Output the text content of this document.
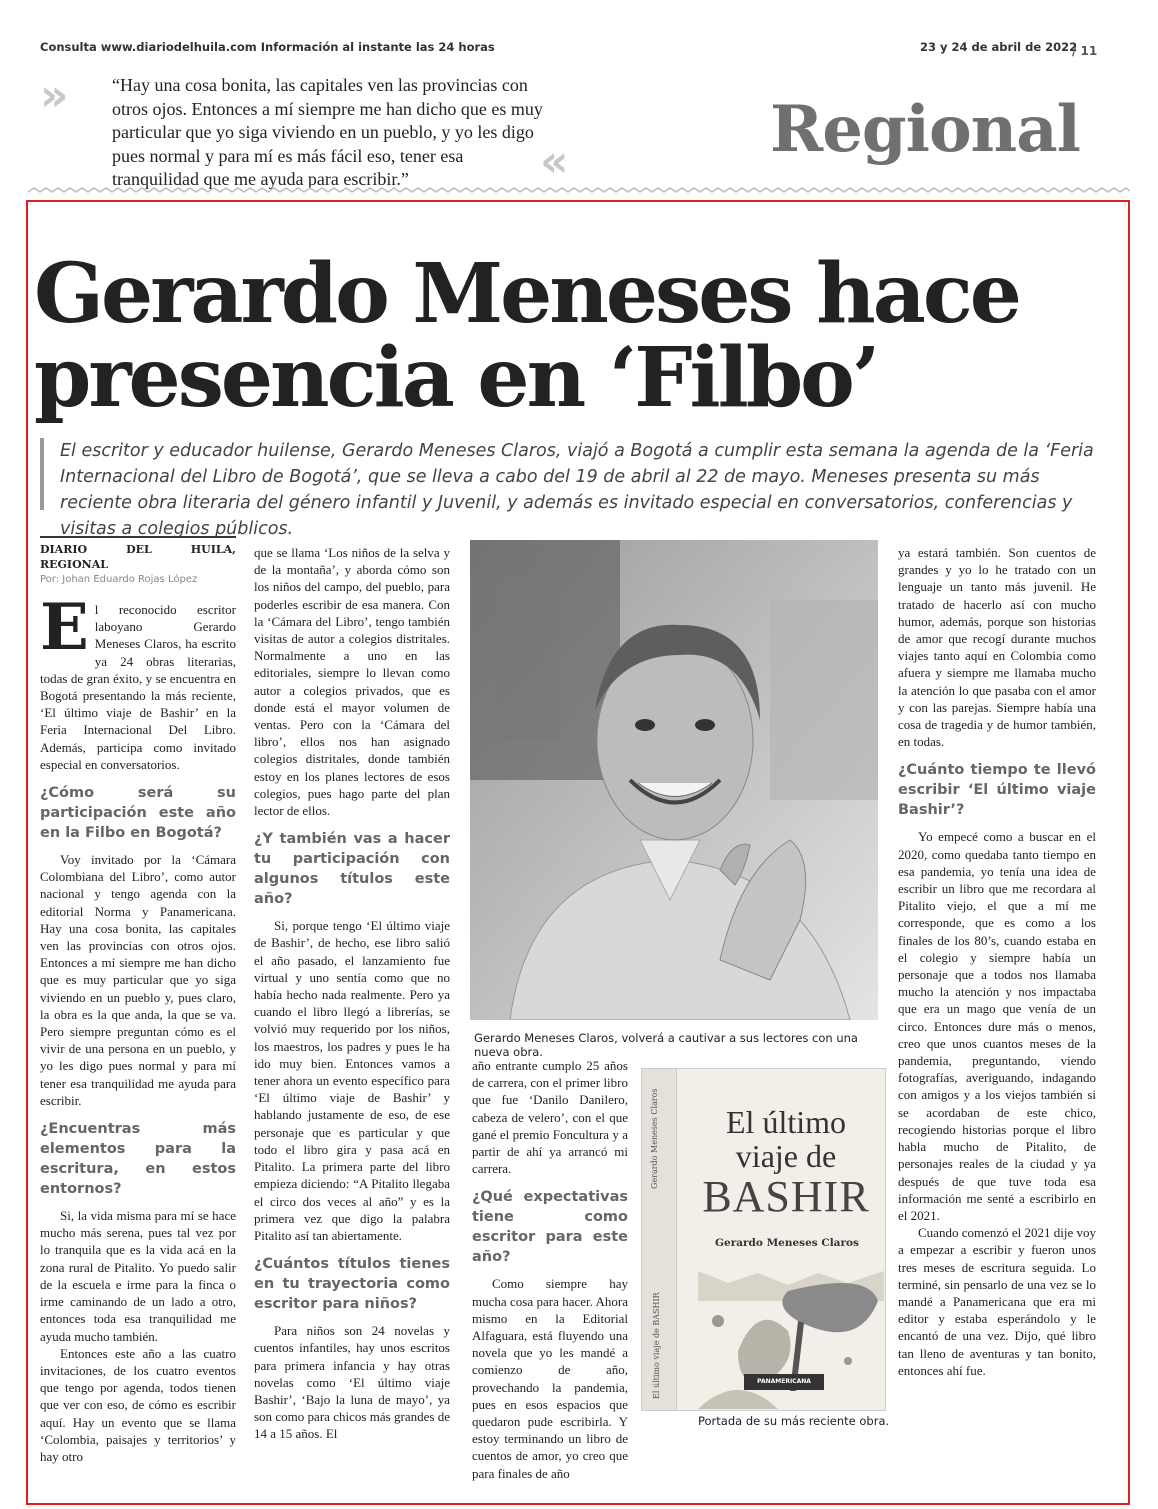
Consulta www.diariodelhuila.com Información al instante las 24 horas	23 y 24 de abril de 2022
/ 11
»	“Hay una cosa bonita, las capitales ven las provincias con otros ojos. Entonces a mí siempre me han dicho que es muy particular que yo siga viviendo en un pueblo, y yo les digo pues normal y para mí es más fácil eso, tener esa tranquilidad que me ayuda para escribir.”	«	Regional
Gerardo Meneses hace presencia en ‘Filbo’
El escritor y educador huilense, Gerardo Meneses Claros, viajó a Bogotá a cumplir esta semana la agenda de la ‘Feria Internacional del Libro de Bogotá’, que se lleva a cabo del 19 de abril al 22 de mayo. Meneses presenta su más reciente obra literaria del género infantil y Juvenil, y además es invitado especial en conversatorios, conferencias y visitas a colegios públicos.
DIARIO DEL HUILA, REGIONAL
Por: Johan Eduardo Rojas López

El reconocido escritor laboyano Gerardo Meneses Claros, ha escrito ya 24 obras literarias, todas de gran éxito, y se encuentra en Bogotá presentando la más reciente, ‘El último viaje de Bashir’ en la Feria Internacional Del Libro. Además, participa como invitado especial en conversatorios.

¿Cómo será su participación este año en la Filbo en Bogotá?

Voy invitado por la ‘Cámara Colombiana del Libro’, como autor nacional y tengo agenda con la editorial Norma y Panamericana. Hay una cosa bonita, las capitales ven las provincias con otros ojos. Entonces a mí siempre me han dicho que es muy particular que yo siga viviendo en un pueblo y, pues claro, la obra es la que anda, la que se va. Pero siempre preguntan cómo es el vivir de una persona en un pueblo, y yo les digo pues normal y para mí tener esa tranquilidad me ayuda para escribir.

¿Encuentras más elementos para la escritura, en estos entornos?

Si, la vida misma para mí se hace mucho más serena, pues tal vez por lo tranquila que es la vida acá en la zona rural de Pitalito. Yo puedo salir de la escuela e irme para la finca o irme caminando de un lado a otro, entonces toda esa tranquilidad me ayuda mucho también.

Entonces este año a las cuatro invitaciones, de los cuatro eventos que tengo por agenda, todos tienen que ver con eso, de cómo es escribir aquí. Hay un evento que se llama ‘Colombia, paisajes y territorios’ y hay otro

que se llama ‘Los niños de la selva y de la montaña’, y aborda cómo son los niños del campo, del pueblo, para poderles escribir de esa manera. Con la ‘Cámara del Libro’, tengo también visitas de autor a colegios distritales. Normalmente a uno en las editoriales, siempre lo llevan como autor a colegios privados, que es donde está el mayor volumen de ventas. Pero con la ‘Cámara del libro’, ellos nos han asignado colegios distritales, donde también estoy en los planes lectores de esos colegios, pues hago parte del plan lector de ellos.

¿Y también vas a hacer tu participación con algunos títulos este año?

Si, porque tengo ‘El último viaje de Bashir’, de hecho, ese libro salió el año pasado, el lanzamiento fue virtual y uno sentía como que no había hecho nada realmente. Pero ya cuando el libro llegó a librerías, se volvió muy requerido por los niños, los maestros, los padres y pues le ha ido muy bien. Entonces vamos a tener ahora un evento específico para ‘El último viaje de Bashir’ y hablando justamente de eso, de ese personaje que es particular y que todo el libro gira y pasa acá en Pitalito. La primera parte del libro empieza diciendo: “A Pitalito llegaba el circo dos veces al año” y es la primera vez que digo la palabra Pitalito así tan abiertamente.

¿Cuántos títulos tienes en tu trayectoria como escritor para niños?

Para niños son 24 novelas y cuentos infantiles, hay unos escritos para primera infancia y hay otras novelas como ‘El último viaje Bashir’, ‘Bajo la luna de mayo’, ya son como para chicos más grandes de 14 a 15 años. El

Gerardo Meneses Claros, volverá a cautivar a sus lectores con una nueva obra.

año entrante cumplo 25 años de carrera, con el primer libro que fue ‘Danilo Danilero, cabeza de velero’, con el que gané el premio Foncultura y a partir de ahí ya arrancó mi carrera.

¿Qué expectativas tiene como escritor para este año?

Como siempre hay mucha cosa para hacer. Ahora mismo en la Editorial Alfaguara, está fluyendo una novela que yo les mandé a comienzo de año, provechando la pandemia, pues en esos espacios que quedaron pude escribirla. Y estoy terminando un libro de cuentos de amor, yo creo que para finales de año

El último viaje de BASHIR
Gerardo Meneses Claros	El último
viaje de
BASHIR
Gerardo Meneses Claros
PANAMERICANA
Portada de su más reciente obra.

ya estará también. Son cuentos de grandes y yo lo he tratado con un lenguaje un tanto más juvenil. He tratado de hacerlo así con mucho humor, además, porque son historias de amor que recogí durante muchos viajes tanto aquí en Colombia como afuera y siempre me llamaba mucho la atención lo que pasaba con el amor y con las parejas. Siempre había una cosa de tragedia y de humor también, en todas.

¿Cuánto tiempo te llevó escribir ‘El último viaje Bashir’?

Yo empecé como a buscar en el 2020, como quedaba tanto tiempo en esa pandemia, yo tenía una idea de escribir un libro que me recordara al Pitalito viejo, el que a mí me corresponde, que es como a los finales de los 80’s, cuando estaba en el colegio y siempre había un personaje que a todos nos llamaba mucho la atención y nos impactaba que era un mago que venía de un circo. Entonces dure más o menos, creo que unos cuantos meses de la pandemia, preguntando, viendo fotografías, averiguando, indagando con amigos y a los viejos también si se acordaban de este chico, recogiendo historias porque el libro habla mucho de Pitalito, de personajes reales de la ciudad y ya después de que tuve toda esa información me senté a escribirlo en el 2021.

Cuando comenzó el 2021 dije voy a empezar a escribir y fueron unos tres meses de escritura seguida. Lo terminé, sin pensarlo de una vez se lo mandé a Panamericana que era mi editor y estaba esperándolo y le encantó de una vez. Dijo, qué libro tan lleno de aventuras y tan bonito, entonces ahí fue.
